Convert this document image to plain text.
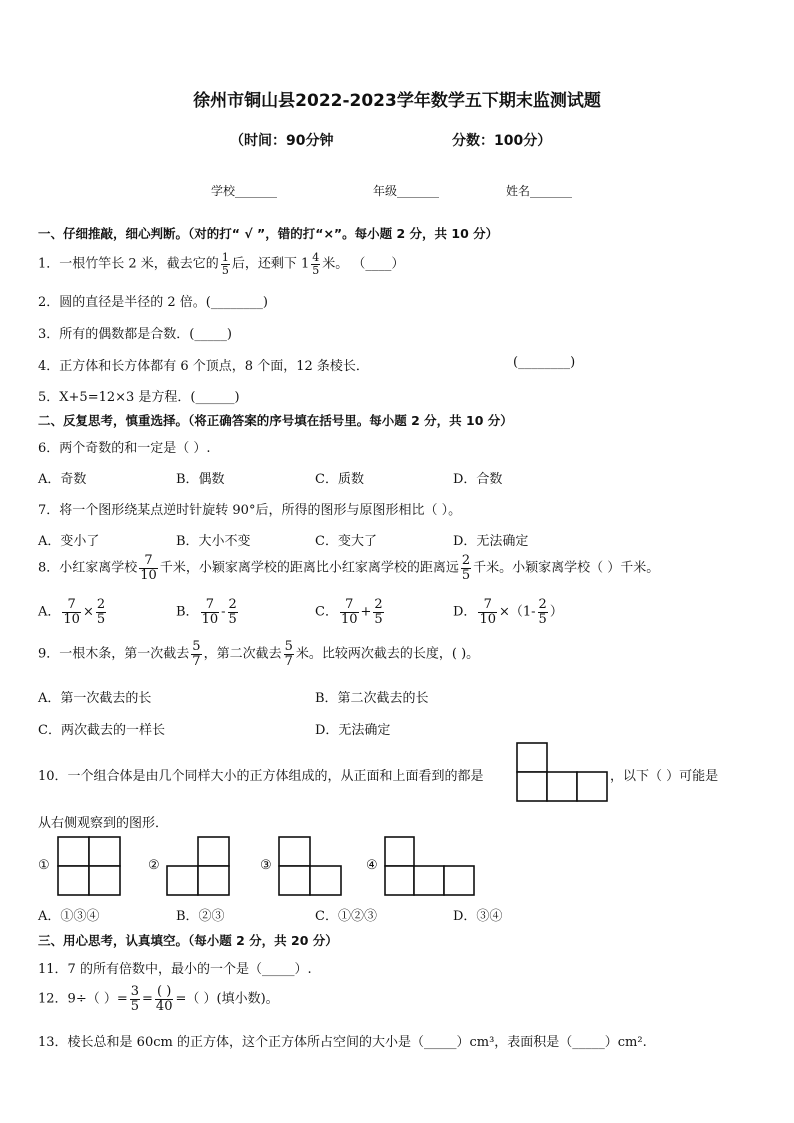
徐州市铜山县2022-2023学年数学五下期末监测试题
（时间：90分钟	分数：100分）
学校_______	年级_______	姓名_______
一、仔细推敲，细心判断。（对的打“ √ ”，错的打“×”。每小题 2 分，共 10 分）
1．一根竹竿长 2 米，截去它的 $\frac{1}{5}$ 后，还剩下 $1 \frac{4}{5}$ 米。 （____）
2．圆的直径是半径的 2 倍。(________)
3．所有的偶数都是合数．(_____)
4．正方体和长方体都有 6 个顶点，8 个面，12 条棱长．	(________)
5．X+5=12×3 是方程．(______)
二、反复思考，慎重选择。（将正确答案的序号填在括号里。每小题 2 分，共 10 分）
6．两个奇数的和一定是（ ）.
A．奇数	B．偶数	C．质数	D．合数
7．将一个图形绕某点逆时针旋转 90°后，所得的图形与原图形相比（ ）。
A．变小了	B．大小不变	C．变大了	D．无法确定
8．小红家离学校 $\frac{7}{10}$ 千米，小颖家离学校的距离比小红家离学校的距离远 $\frac{2}{5}$ 千米。小颖家离学校（ ）千米。
A． $\frac{7}{10} \times \frac{2}{5}$	B． $\frac{7}{10} - \frac{2}{5}$	C． $\frac{7}{10} + \frac{2}{5}$	D． $\frac{7}{10} \times(1- \frac{2}{5}$ ）
9．一根木条，第一次截去 $\frac{5}{7}$ ，第二次截去 $\frac{5}{7}$ 米。比较两次截去的长度，( )。
A．第一次截去的长	B．第二次截去的长
C．两次截去的一样长	D．无法确定
10．一个组合体是由几个同样大小的正方体组成的，从正面和上面看到的都是	，以下（ ）可能是
从右侧观察到的图形．
①	②	③	④
A．①③④	B．②③	C．①②③	D．③④
三、用心思考，认真填空。（每小题 2 分，共 20 分）
11．7 的所有倍数中，最小的一个是（_____）.
12．9÷（ ）= $\frac{3}{5} = \frac{( )}{40}$ =（ ）(填小数)。
13．棱长总和是 60cm 的正方体，这个正方体所占空间的大小是（_____）cm³，表面积是（_____）cm².
